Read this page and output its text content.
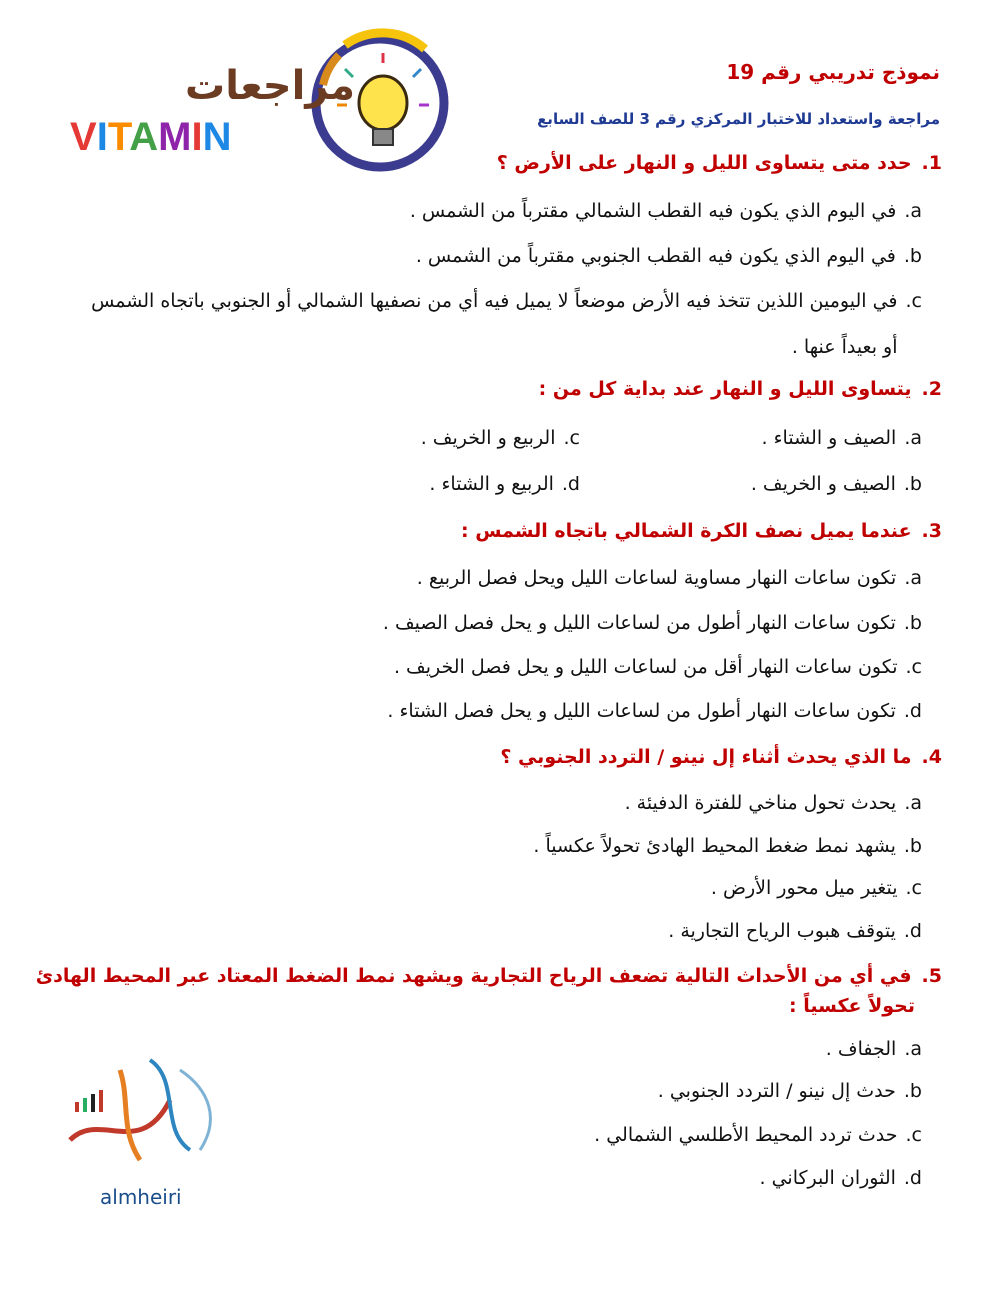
نموذج تدريبي رقم 19
مراجعة واستعداد للاختبار المركزي رقم 3 للصف السابع
مراجعات
VITAMIN
.1
حدد متى يتساوى الليل و النهار على الأرض ؟
.a
في اليوم الذي يكون فيه القطب الشمالي مقترباً من الشمس .
.b
في اليوم الذي يكون فيه القطب الجنوبي مقترباً من الشمس .
.c
في اليومين اللذين تتخذ فيه الأرض موضعاً لا يميل فيه أي من نصفيها الشمالي أو الجنوبي باتجاه الشمس أو بعيداً عنها .
.2
يتساوى الليل و النهار عند بداية كل من :
.a
الصيف و الشتاء .
.c
الربيع و الخريف .
.b
الصيف و الخريف .
.d
الربيع و الشتاء .
.3
عندما يميل نصف الكرة الشمالي باتجاه الشمس :
.a
تكون ساعات النهار مساوية لساعات الليل ويحل فصل الربيع .
.b
تكون ساعات النهار أطول من لساعات الليل و يحل فصل الصيف .
.c
تكون ساعات النهار أقل من لساعات الليل و يحل فصل الخريف .
.d
تكون ساعات النهار أطول من لساعات الليل و يحل فصل الشتاء .
.4
ما الذي يحدث أثناء إل نينو / التردد الجنوبي ؟
.a
يحدث تحول مناخي للفترة الدفيئة .
.b
يشهد نمط ضغط المحيط الهادئ تحولاً عكسياً .
.c
يتغير ميل محور الأرض .
.d
يتوقف هبوب الرياح التجارية .
.5
في أي من الأحداث التالية تضعف الرياح التجارية ويشهد نمط الضغط المعتاد عبر المحيط الهادئ
تحولاً عكسياً :
.a
الجفاف .
.b
حدث إل نينو / التردد الجنوبي .
.c
حدث تردد المحيط الأطلسي الشمالي .
.d
الثوران البركاني .
almheiri
